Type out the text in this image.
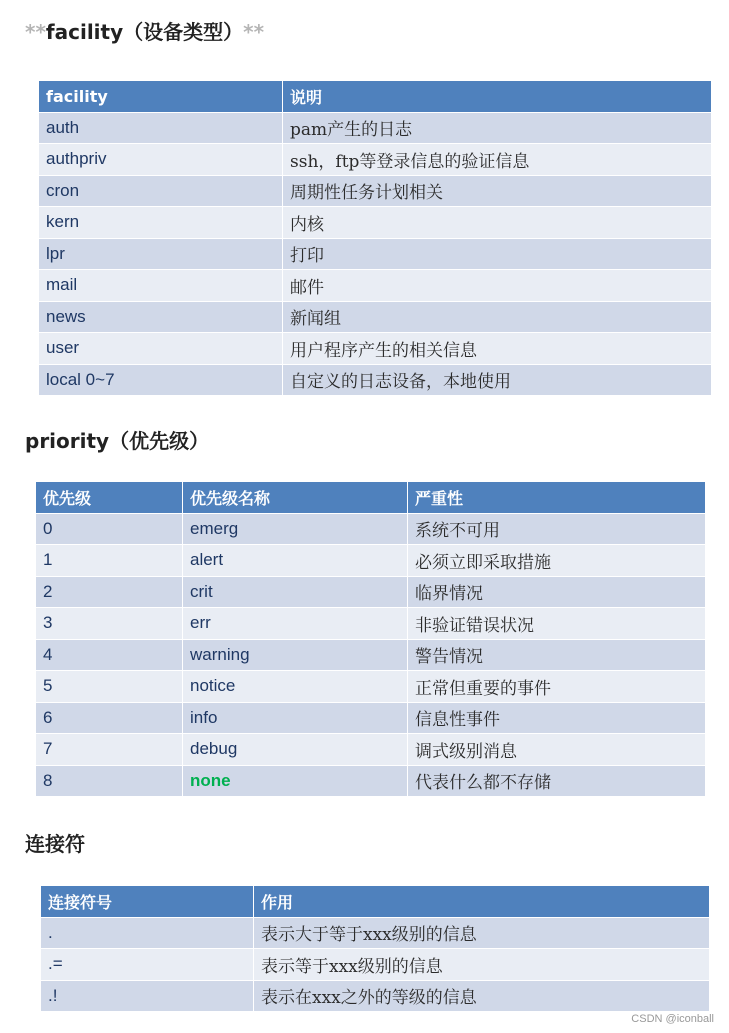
**facility（设备类型）**
facility	说明
auth	pam产生的日志
authpriv	ssh，ftp等登录信息的验证信息
cron	周期性任务计划相关
kern	内核
lpr	打印
mail	邮件
news	新闻组
user	用户程序产生的相关信息
local 0~7	自定义的日志设备，本地使用
priority（优先级）
优先级	优先级名称	严重性
0	emerg	系统不可用
1	alert	必须立即采取措施
2	crit	临界情况
3	err	非验证错误状况
4	warning	警告情况
5	notice	正常但重要的事件
6	info	信息性事件
7	debug	调式级别消息
8	none	代表什么都不存储
连接符
连接符号	作用
.	表示大于等于xxx级别的信息
.=	表示等于xxx级别的信息
.!	表示在xxx之外的等级的信息
CSDN @iconball
